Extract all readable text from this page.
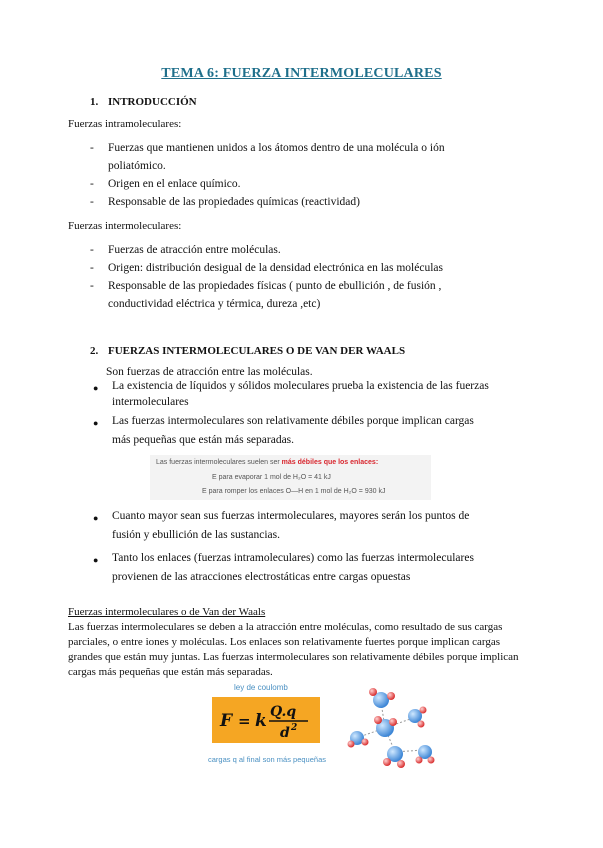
TEMA 6: FUERZA INTERMOLECULARES
1. INTRODUCCIÓN
Fuerzas intramoleculares:
- Fuerzas que mantienen unidos a los átomos dentro de una molécula o ión
poliatómico.
- Origen en el enlace químico.
- Responsable de las propiedades químicas (reactividad)
Fuerzas intermoleculares:
- Fuerzas de atracción entre moléculas.
- Origen: distribución desigual de la densidad electrónica en las moléculas
- Responsable de las propiedades físicas ( punto de ebullición , de fusión ,
conductividad eléctrica y térmica, dureza ,etc)
2. FUERZAS INTERMOLECULARES O DE VAN DER WAALS
Son fuerzas de atracción entre las moléculas.
● La existencia de líquidos y sólidos moleculares prueba la existencia de las fuerzas
intermoleculares
● Las fuerzas intermoleculares son relativamente débiles porque implican cargas
más pequeñas que están más separadas.
Las fuerzas intermoleculares suelen ser más débiles que los enlaces:
E para evaporar 1 mol de H₂O = 41 kJ
E para romper los enlaces O—H en 1 mol de H₂O = 930 kJ
● Cuanto mayor sean sus fuerzas intermoleculares, mayores serán los puntos de
fusión y ebullición de las sustancias.
● Tanto los enlaces (fuerzas intramoleculares) como las fuerzas intermoleculares
provienen de las atracciones electrostáticas entre cargas opuestas
Fuerzas intermoleculares o de Van der Waals
Las fuerzas intermoleculares se deben a la atracción entre moléculas, como resultado de sus cargas
parciales, o entre iones y moléculas. Los enlaces son relativamente fuertes porque implican cargas
grandes que están muy juntas. Las fuerzas intermoleculares son relativamente débiles porque implican
cargas más pequeñas que están más separadas.
ley de coulomb
F = k Q.q
d 2
cargas q al final son más pequeñas
